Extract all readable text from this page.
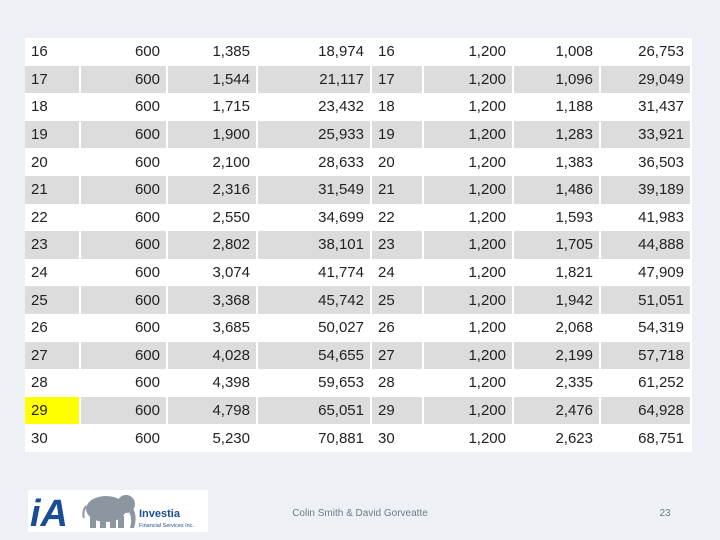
16	600	1,385	18,974	16	1,200	1,008	26,753
17	600	1,544	21,117	17	1,200	1,096	29,049
18	600	1,715	23,432	18	1,200	1,188	31,437
19	600	1,900	25,933	19	1,200	1,283	33,921
20	600	2,100	28,633	20	1,200	1,383	36,503
21	600	2,316	31,549	21	1,200	1,486	39,189
22	600	2,550	34,699	22	1,200	1,593	41,983
23	600	2,802	38,101	23	1,200	1,705	44,888
24	600	3,074	41,774	24	1,200	1,821	47,909
25	600	3,368	45,742	25	1,200	1,942	51,051
26	600	3,685	50,027	26	1,200	2,068	54,319
27	600	4,028	54,655	27	1,200	2,199	57,718
28	600	4,398	59,653	28	1,200	2,335	61,252
29	600	4,798	65,051	29	1,200	2,476	64,928
30	600	5,230	70,881	30	1,200	2,623	68,751
iA	Investia
Financial Services Inc.
Colin Smith & David Gorveatte	23
